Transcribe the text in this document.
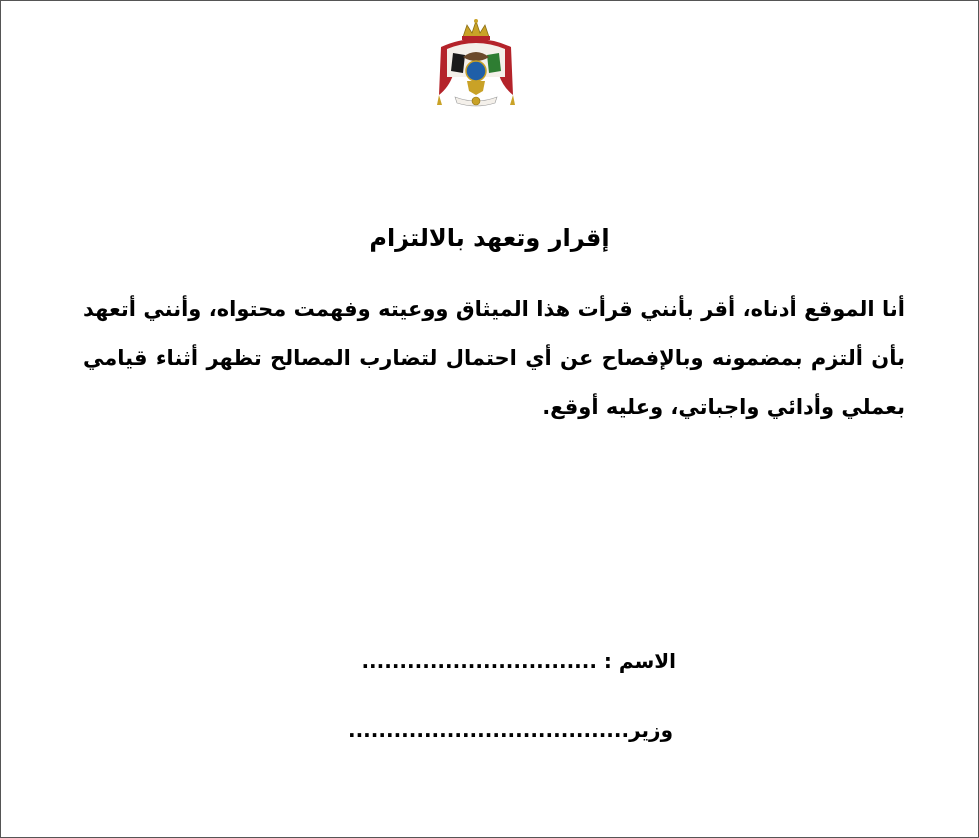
إقرار وتعهد بالالتزام
أنا الموقع أدناه، أقر بأنني قرأت هذا الميثاق ووعيته وفهمت محتواه، وأنني أتعهد بأن ألتزم بمضمونه وبالإفصاح عن أي احتمال لتضارب المصالح تظهر أثناء قيامي بعملي وأدائي واجباتي، وعليه أوقع.
الاسم : ...............................
وزير.....................................
